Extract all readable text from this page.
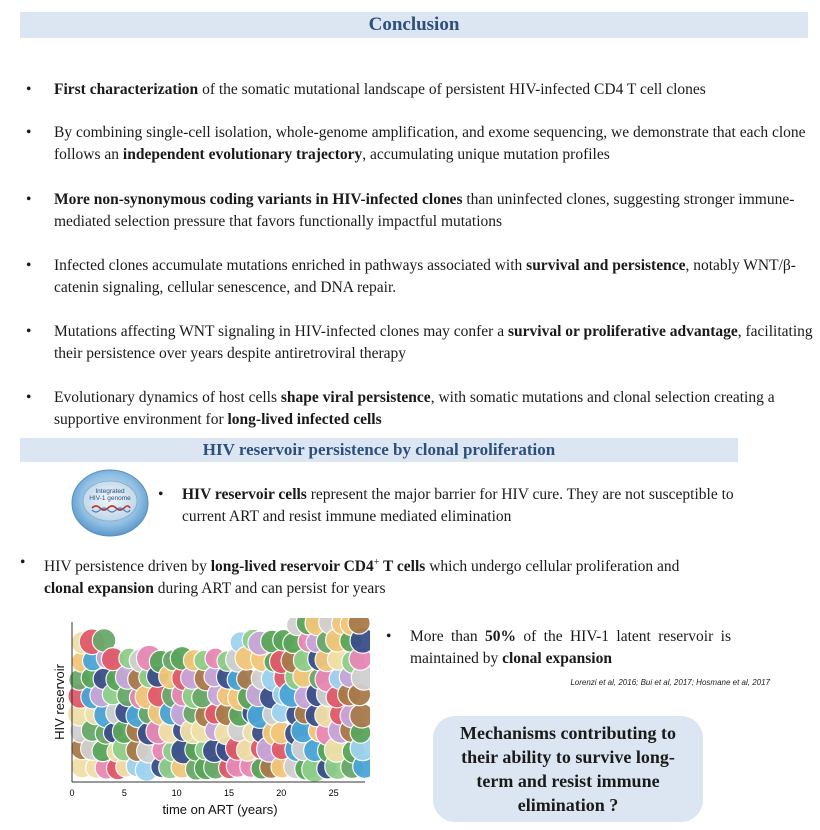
Conclusion
• First characterization of the somatic mutational landscape of persistent HIV-infected CD4 T cell clones
• By combining single-cell isolation, whole-genome amplification, and exome sequencing, we demonstrate that each clone follows an independent evolutionary trajectory, accumulating unique mutation profiles
• More non-synonymous coding variants in HIV-infected clones than uninfected clones, suggesting stronger immune-mediated selection pressure that favors functionally impactful mutations
• Infected clones accumulate mutations enriched in pathways associated with survival and persistence, notably WNT/β-catenin signaling, cellular senescence, and DNA repair.
• Mutations affecting WNT signaling in HIV-infected clones may confer a survival or proliferative advantage, facilitating their persistence over years despite antiretroviral therapy
• Evolutionary dynamics of host cells shape viral persistence, with somatic mutations and clonal selection creating a supportive environment for long-lived infected cells
HIV reservoir persistence by clonal proliferation
Integrated
HIV-1 genome • HIV reservoir cells represent the major barrier for HIV cure. They are not susceptible to current ART and resist immune mediated elimination
• HIV persistence driven by long-lived reservoir CD4+ T cells which undergo cellular proliferation and clonal expansion during ART and can persist for years
0	5	10	15	20	25
time on ART (years)
HIV reservoir
• More than 50% of the HIV-1 latent reservoir is maintained by clonal expansion
Lorenzi et al, 2016; Bui et al, 2017; Hosmane et al, 2017
Mechanisms contributing to their ability to survive long-term and resist immune elimination ?
